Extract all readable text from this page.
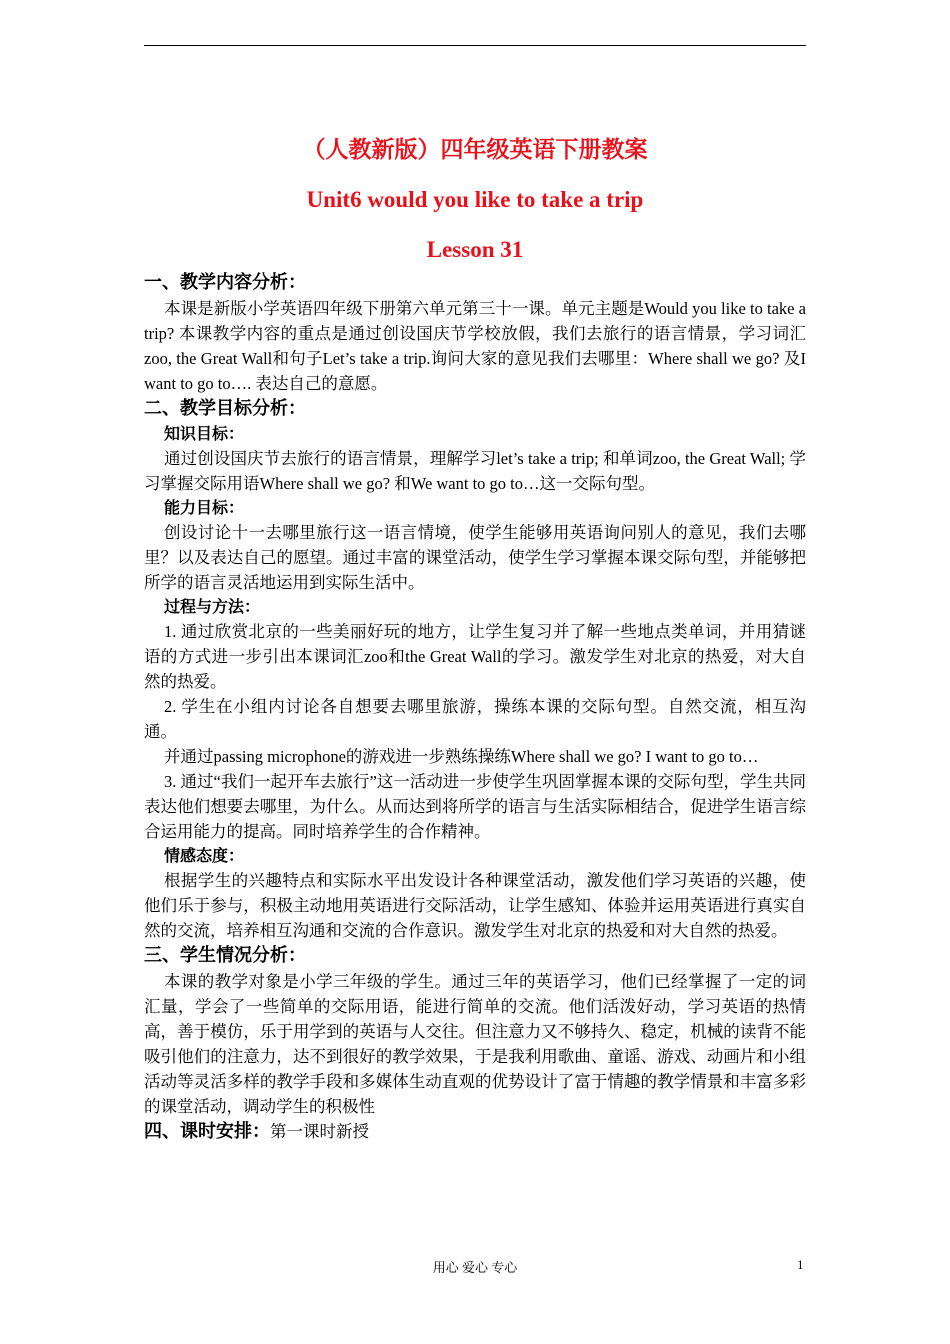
（人教新版）四年级英语下册教案
Unit6 would you like to take a trip
Lesson 31

一、教学内容分析：

本课是新版小学英语四年级下册第六单元第三十一课。单元主题是Would you like to take a trip? 本课教学内容的重点是通过创设国庆节学校放假，我们去旅行的语言情景，学习词汇zoo, the Great Wall和句子Let’s take a trip.询问大家的意见我们去哪里：Where shall we go? 及I want to go to…. 表达自己的意愿。

二、教学目标分析：

知识目标：

通过创设国庆节去旅行的语言情景，理解学习let’s take a trip; 和单词zoo, the Great Wall; 学习掌握交际用语Where shall we go? 和We want to go to…这一交际句型。

能力目标：

创设讨论十一去哪里旅行这一语言情境，使学生能够用英语询问别人的意见，我们去哪里？以及表达自己的愿望。通过丰富的课堂活动，使学生学习掌握本课交际句型，并能够把所学的语言灵活地运用到实际生活中。

过程与方法：

1. 通过欣赏北京的一些美丽好玩的地方，让学生复习并了解一些地点类单词，并用猜谜语的方式进一步引出本课词汇zoo和the Great Wall的学习。激发学生对北京的热爱，对大自然的热爱。

2. 学生在小组内讨论各自想要去哪里旅游，操练本课的交际句型。自然交流，相互沟通。

并通过passing microphone的游戏进一步熟练操练Where shall we go? I want to go to…

3. 通过“我们一起开车去旅行”这一活动进一步使学生巩固掌握本课的交际句型，学生共同表达他们想要去哪里，为什么。从而达到将所学的语言与生活实际相结合，促进学生语言综合运用能力的提高。同时培养学生的合作精神。

情感态度：

根据学生的兴趣特点和实际水平出发设计各种课堂活动，激发他们学习英语的兴趣，使他们乐于参与，积极主动地用英语进行交际活动，让学生感知、体验并运用英语进行真实自然的交流，培养相互沟通和交流的合作意识。激发学生对北京的热爱和对大自然的热爱。

三、学生情况分析：

本课的教学对象是小学三年级的学生。通过三年的英语学习，他们已经掌握了一定的词汇量，学会了一些简单的交际用语，能进行简单的交流。他们活泼好动，学习英语的热情高，善于模仿，乐于用学到的英语与人交往。但注意力又不够持久、稳定，机械的读背不能吸引他们的注意力，达不到很好的教学效果，于是我利用歌曲、童谣、游戏、动画片和小组活动等灵活多样的教学手段和多媒体生动直观的优势设计了富于情趣的教学情景和丰富多彩的课堂活动，调动学生的积极性

四、课时安排：第一课时新授

用心 爱心 专心	1
